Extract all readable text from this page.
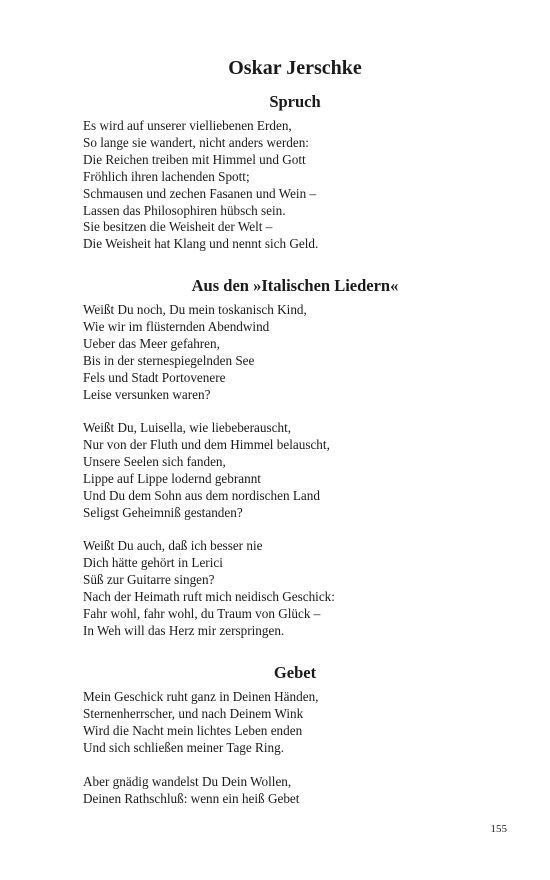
Oskar Jerschke
Spruch
Es wird auf unserer vielliebenen Erden,
So lange sie wandert, nicht anders werden:
Die Reichen treiben mit Himmel und Gott
Fröhlich ihren lachenden Spott;
Schmausen und zechen Fasanen und Wein –
Lassen das Philosophiren hübsch sein.
Sie besitzen die Weisheit der Welt –
Die Weisheit hat Klang und nennt sich Geld.
Aus den »Italischen Liedern«
Weißt Du noch, Du mein toskanisch Kind,
Wie wir im flüsternden Abendwind
Ueber das Meer gefahren,
Bis in der sternespiegelnden See
Fels und Stadt Portovenere
Leise versunken waren?
Weißt Du, Luisella, wie liebeberauscht,
Nur von der Fluth und dem Himmel belauscht,
Unsere Seelen sich fanden,
Lippe auf Lippe lodernd gebrannt
Und Du dem Sohn aus dem nordischen Land
Seligst Geheimniß gestanden?
Weißt Du auch, daß ich besser nie
Dich hätte gehört in Lerici
Süß zur Guitarre singen?
Nach der Heimath ruft mich neidisch Geschick:
Fahr wohl, fahr wohl, du Traum von Glück –
In Weh will das Herz mir zerspringen.
Gebet
Mein Geschick ruht ganz in Deinen Händen,
Sternenherrscher, und nach Deinem Wink
Wird die Nacht mein lichtes Leben enden
Und sich schließen meiner Tage Ring.
Aber gnädig wandelst Du Dein Wollen,
Deinen Rathschluß: wenn ein heiß Gebet
155
